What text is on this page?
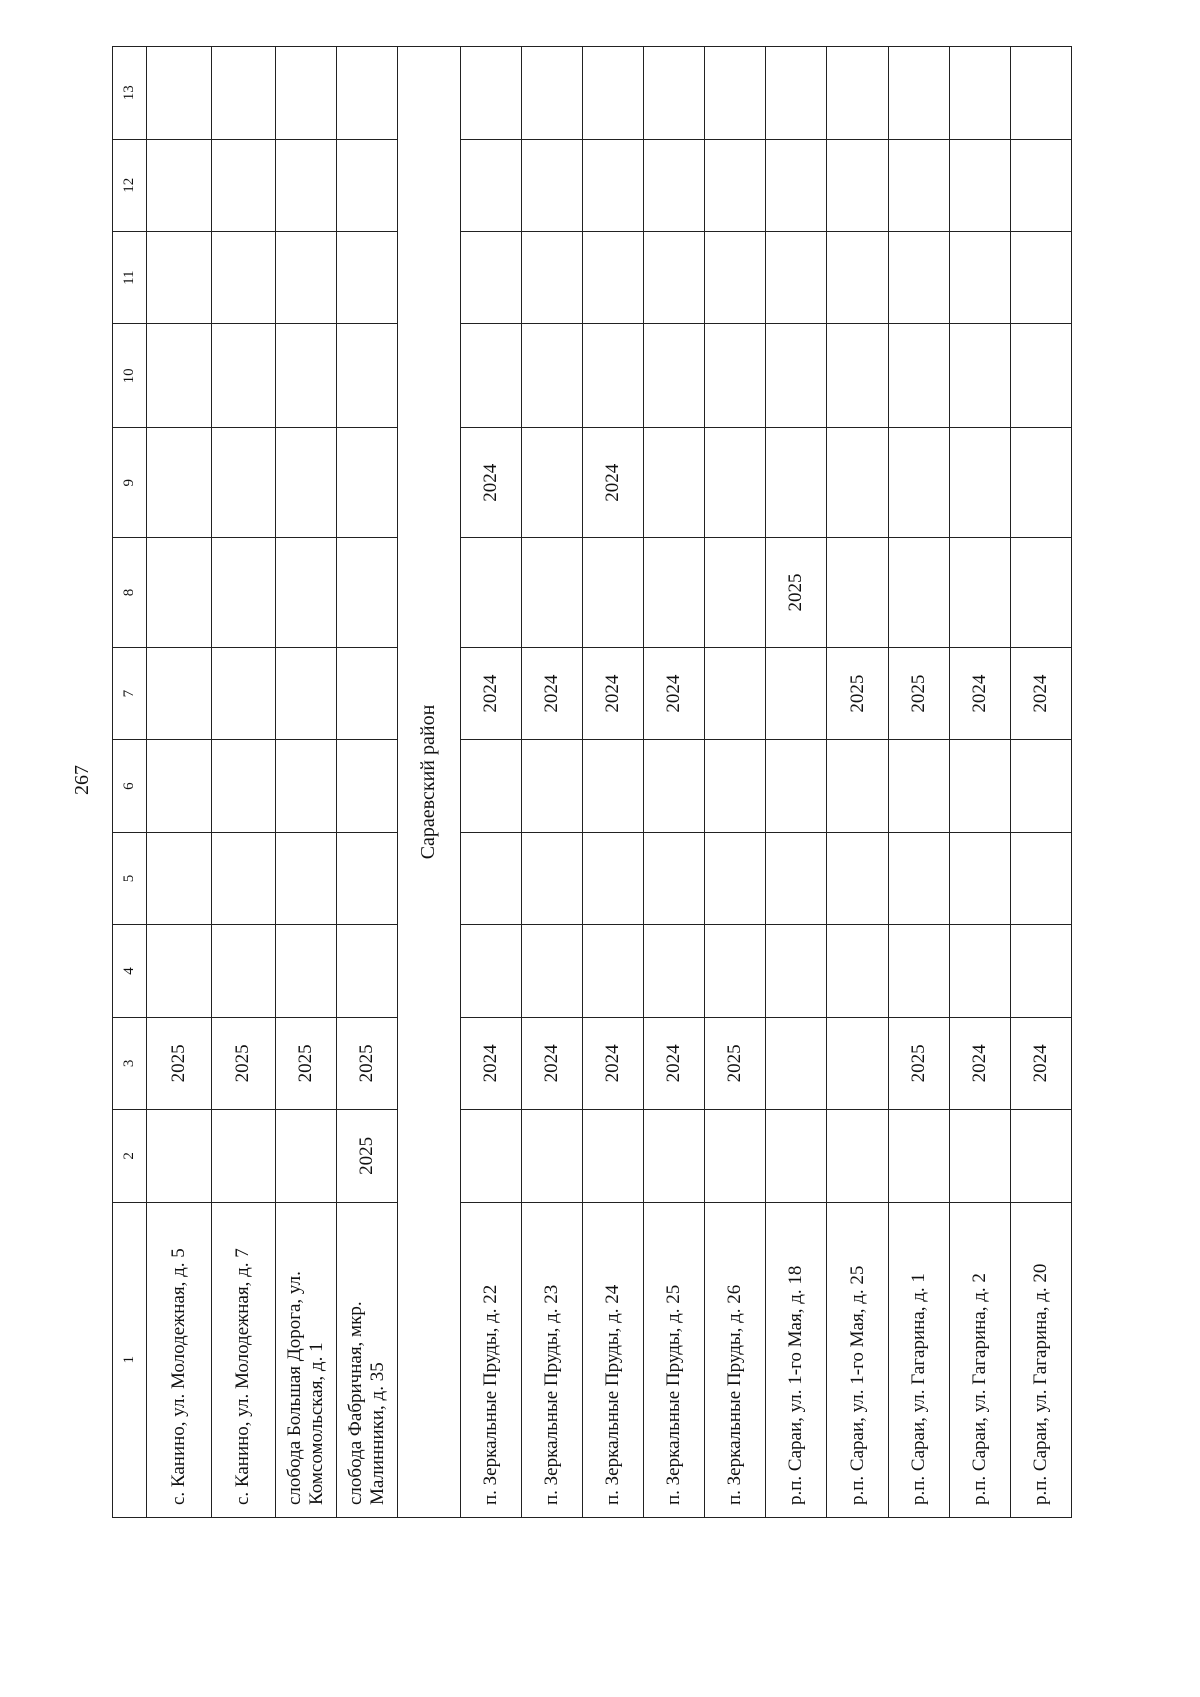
267
1	2	3	4	5	6	7	8	9	10	11	12	13
с. Канино, ул. Молодежная, д. 5		2025										
с. Канино, ул. Молодежная, д. 7		2025										
слобода Большая Дорога, ул. Комсомольская, д. 1		2025										
слобода Фабричная, мкр. Малинники, д. 35	2025	2025										
Сараевский район												
п. Зеркальные Пруды, д. 22		2024				2024		2024				
п. Зеркальные Пруды, д. 23		2024				2024						
п. Зеркальные Пруды, д. 24		2024				2024		2024				
п. Зеркальные Пруды, д. 25		2024				2024						
п. Зеркальные Пруды, д. 26		2025										
р.п. Сараи, ул. 1-го Мая, д. 18							2025					
р.п. Сараи, ул. 1-го Мая, д. 25						2025						
р.п. Сараи, ул. Гагарина, д. 1		2025				2025						
р.п. Сараи, ул. Гагарина, д. 2		2024				2024						
р.п. Сараи, ул. Гагарина, д. 20		2024				2024						
